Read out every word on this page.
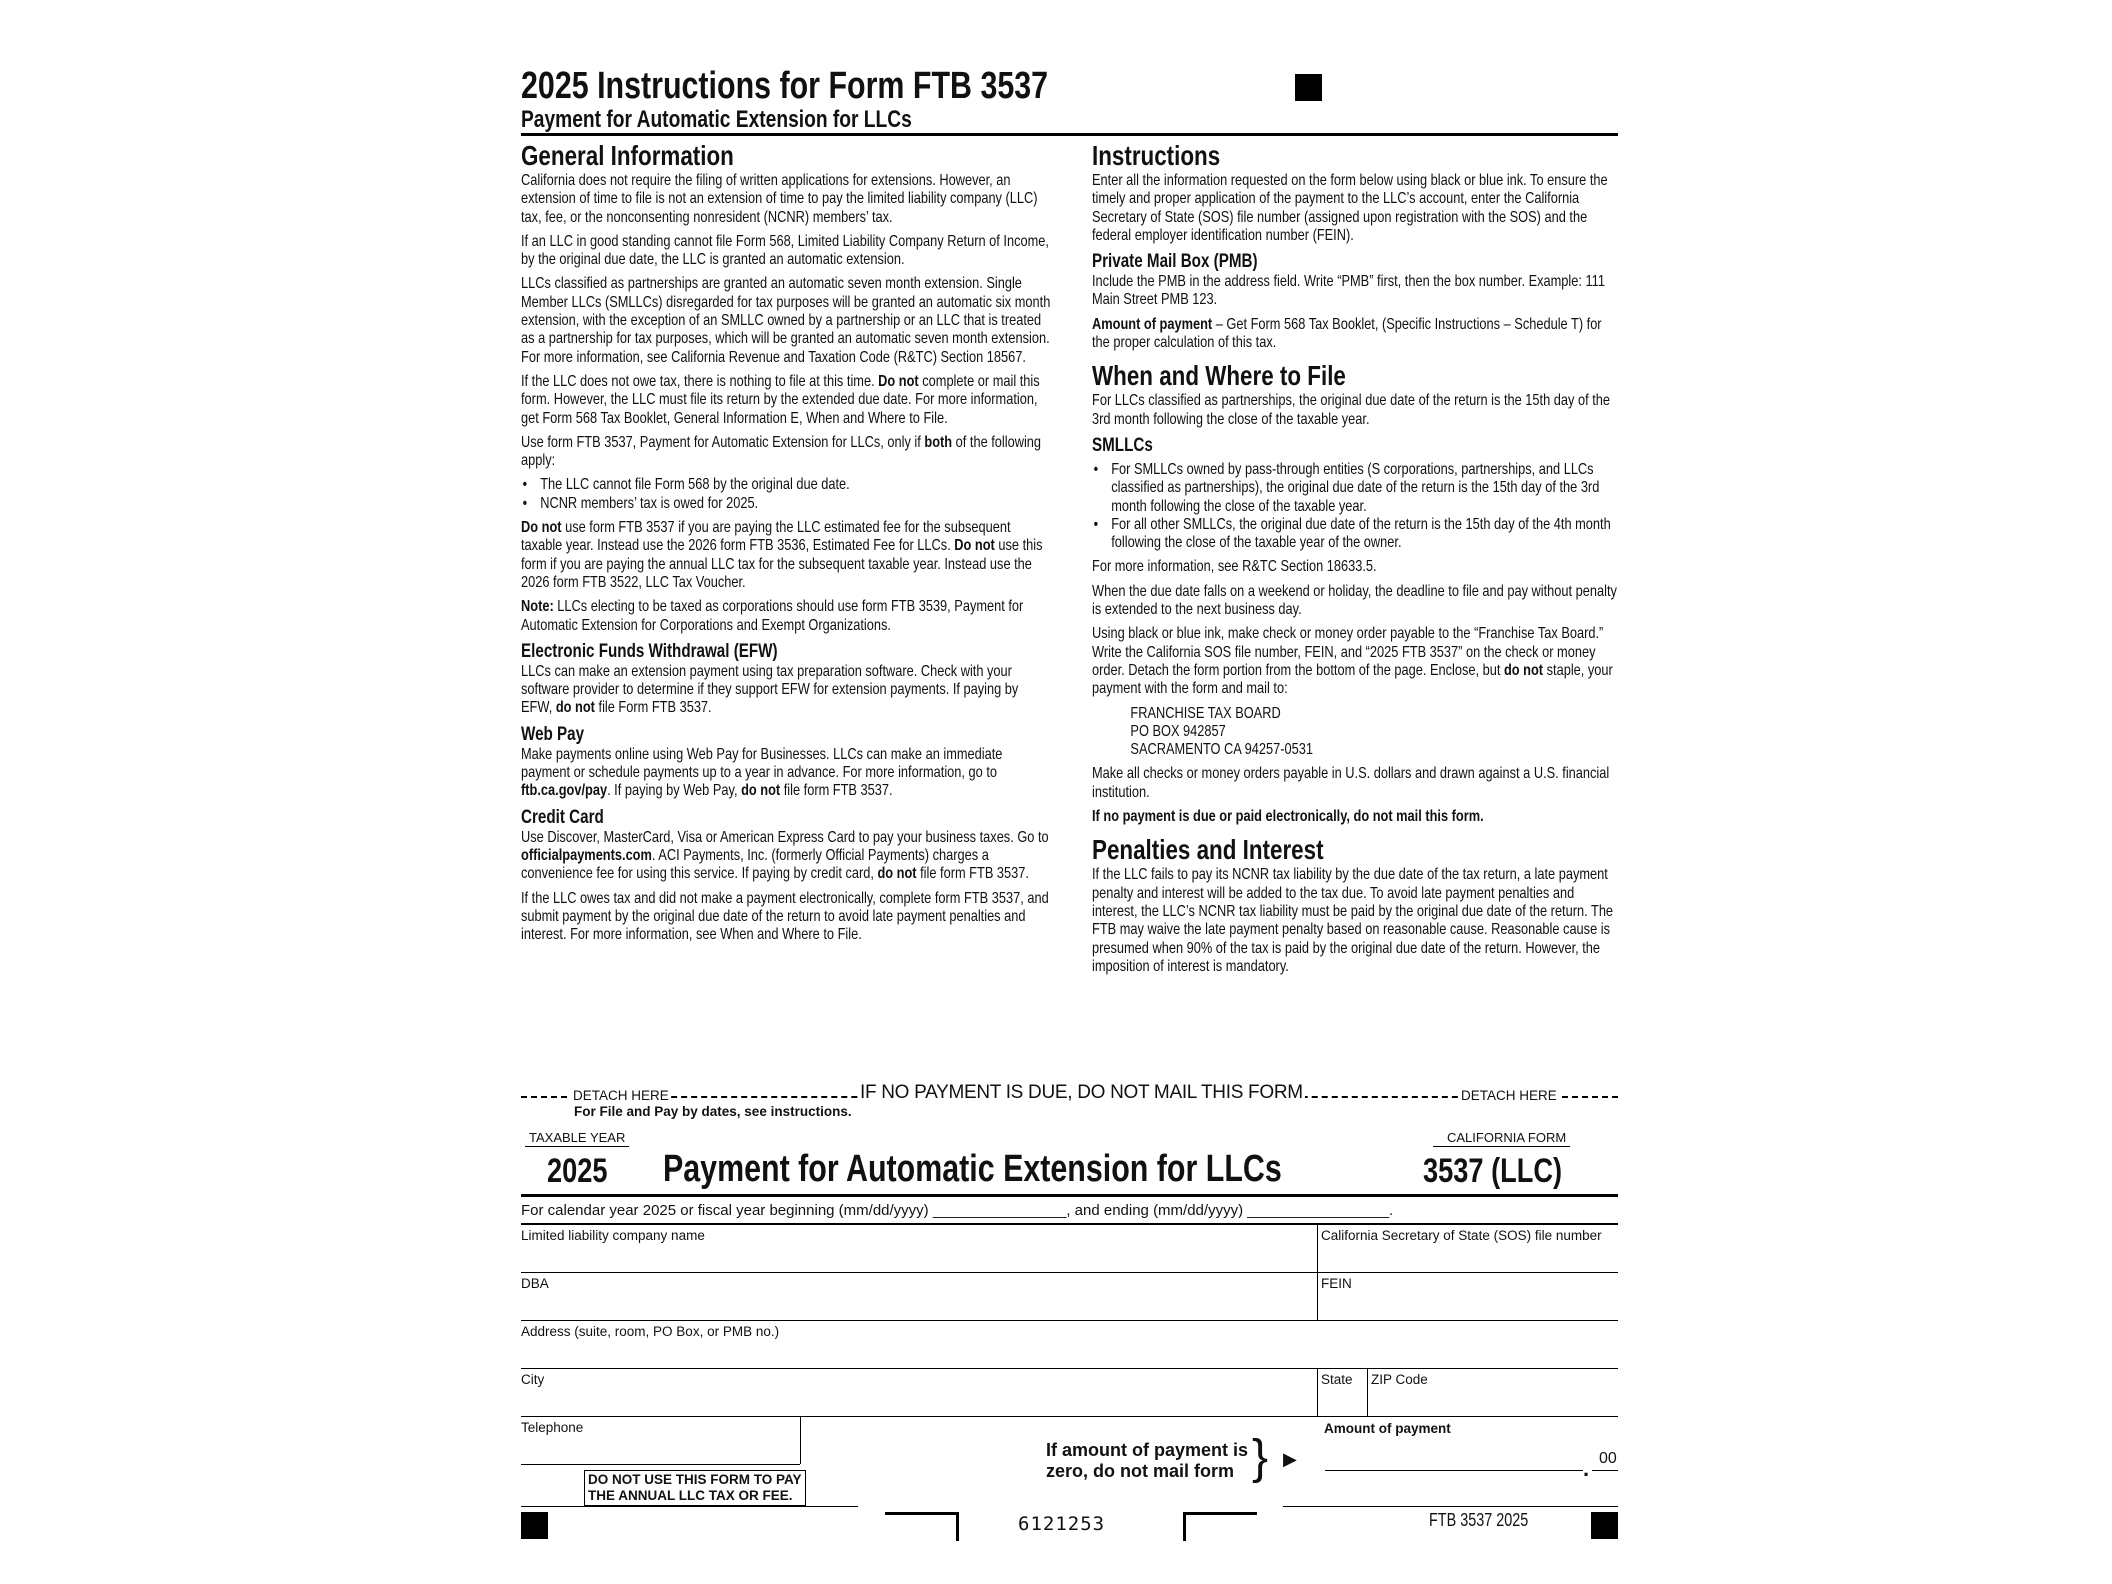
2025 Instructions for Form FTB 3537
Payment for Automatic Extension for LLCs
General Information

California does not require the filing of written applications for extensions. However, an extension of time to file is not an extension of time to pay the limited liability company (LLC) tax, fee, or the nonconsenting nonresident (NCNR) members’ tax.

If an LLC in good standing cannot file Form 568, Limited Liability Company Return of Income, by the original due date, the LLC is granted an automatic extension.

LLCs classified as partnerships are granted an automatic seven month extension. Single Member LLCs (SMLLCs) disregarded for tax purposes will be granted an automatic six month extension, with the exception of an SMLLC owned by a partnership or an LLC that is treated as a partnership for tax purposes, which will be granted an automatic seven month extension. For more information, see California Revenue and Taxation Code (R&TC) Section 18567.

If the LLC does not owe tax, there is nothing to file at this time. Do not complete or mail this form. However, the LLC must file its return by the extended due date. For more information, get Form 568 Tax Booklet, General Information E, When and Where to File.

Use form FTB 3537, Payment for Automatic Extension for LLCs, only if both of the following apply:

• The LLC cannot file Form 568 by the original due date.
• NCNR members’ tax is owed for 2025.

Do not use form FTB 3537 if you are paying the LLC estimated fee for the subsequent taxable year. Instead use the 2026 form FTB 3536, Estimated Fee for LLCs. Do not use this form if you are paying the annual LLC tax for the subsequent taxable year. Instead use the 2026 form FTB 3522, LLC Tax Voucher.

Note: LLCs electing to be taxed as corporations should use form FTB 3539, Payment for Automatic Extension for Corporations and Exempt Organizations.

Electronic Funds Withdrawal (EFW)

LLCs can make an extension payment using tax preparation software. Check with your software provider to determine if they support EFW for extension payments. If paying by EFW, do not file Form FTB 3537.

Web Pay

Make payments online using Web Pay for Businesses. LLCs can make an immediate payment or schedule payments up to a year in advance. For more information, go to ftb.ca.gov/pay. If paying by Web Pay, do not file form FTB 3537.

Credit Card

Use Discover, MasterCard, Visa or American Express Card to pay your business taxes. Go to officialpayments.com. ACI Payments, Inc. (formerly Official Payments) charges a convenience fee for using this service. If paying by credit card, do not file form FTB 3537.

If the LLC owes tax and did not make a payment electronically, complete form FTB 3537, and submit payment by the original due date of the return to avoid late payment penalties and interest. For more information, see When and Where to File.

Instructions

Enter all the information requested on the form below using black or blue ink. To ensure the timely and proper application of the payment to the LLC’s account, enter the California Secretary of State (SOS) file number (assigned upon registration with the SOS) and the federal employer identification number (FEIN).

Private Mail Box (PMB)

Include the PMB in the address field. Write “PMB” first, then the box number. Example: 111 Main Street PMB 123.

Amount of payment – Get Form 568 Tax Booklet, (Specific Instructions – Schedule T) for the proper calculation of this tax.

When and Where to File

For LLCs classified as partnerships, the original due date of the return is the 15th day of the 3rd month following the close of the taxable year.

SMLLCs
• For SMLLCs owned by pass-through entities (S corporations, partnerships, and LLCs classified as partnerships), the original due date of the return is the 15th day of the 3rd month following the close of the taxable year.
• For all other SMLLCs, the original due date of the return is the 15th day of the 4th month following the close of the taxable year of the owner.

For more information, see R&TC Section 18633.5.

When the due date falls on a weekend or holiday, the deadline to file and pay without penalty is extended to the next business day.

Using black or blue ink, make check or money order payable to the “Franchise Tax Board.” Write the California SOS file number, FEIN, and “2025 FTB 3537” on the check or money order. Detach the form portion from the bottom of the page. Enclose, but do not staple, your payment with the form and mail to:

FRANCHISE TAX BOARD
PO BOX 942857
SACRAMENTO CA 94257-0531

Make all checks or money orders payable in U.S. dollars and drawn against a U.S. financial institution.

If no payment is due or paid electronically, do not mail this form.

Penalties and Interest

If the LLC fails to pay its NCNR tax liability by the due date of the tax return, a late payment penalty and interest will be added to the tax due. To avoid late payment penalties and interest, the LLC’s NCNR tax liability must be paid by the original due date of the return. The FTB may waive the late payment penalty based on reasonable cause. Reasonable cause is presumed when 90% of the tax is paid by the original due date of the return. However, the imposition of interest is mandatory.

DETACH HERE	IF NO PAYMENT IS DUE, DO NOT MAIL THIS FORM	DETACH HERE
For File and Pay by dates, see instructions.
TAXABLE YEAR	CALIFORNIA FORM
2025	Payment for Automatic Extension for LLCs	3537 (LLC)
For calendar year 2025 or fiscal year beginning (mm/dd/yyyy) ________________, and ending (mm/dd/yyyy) _________________.
Limited liability company name	California Secretary of State (SOS) file number
DBA	FEIN
Address (suite, room, PO Box, or PMB no.)
City	State ZIP Code
Telephone	Amount of payment
DO NOT USE THIS FORM TO PAY
THE ANNUAL LLC TAX OR FEE.
If amount of payment is
zero, do not mail form } ▶	. 00
6121253	FTB 3537 2025
